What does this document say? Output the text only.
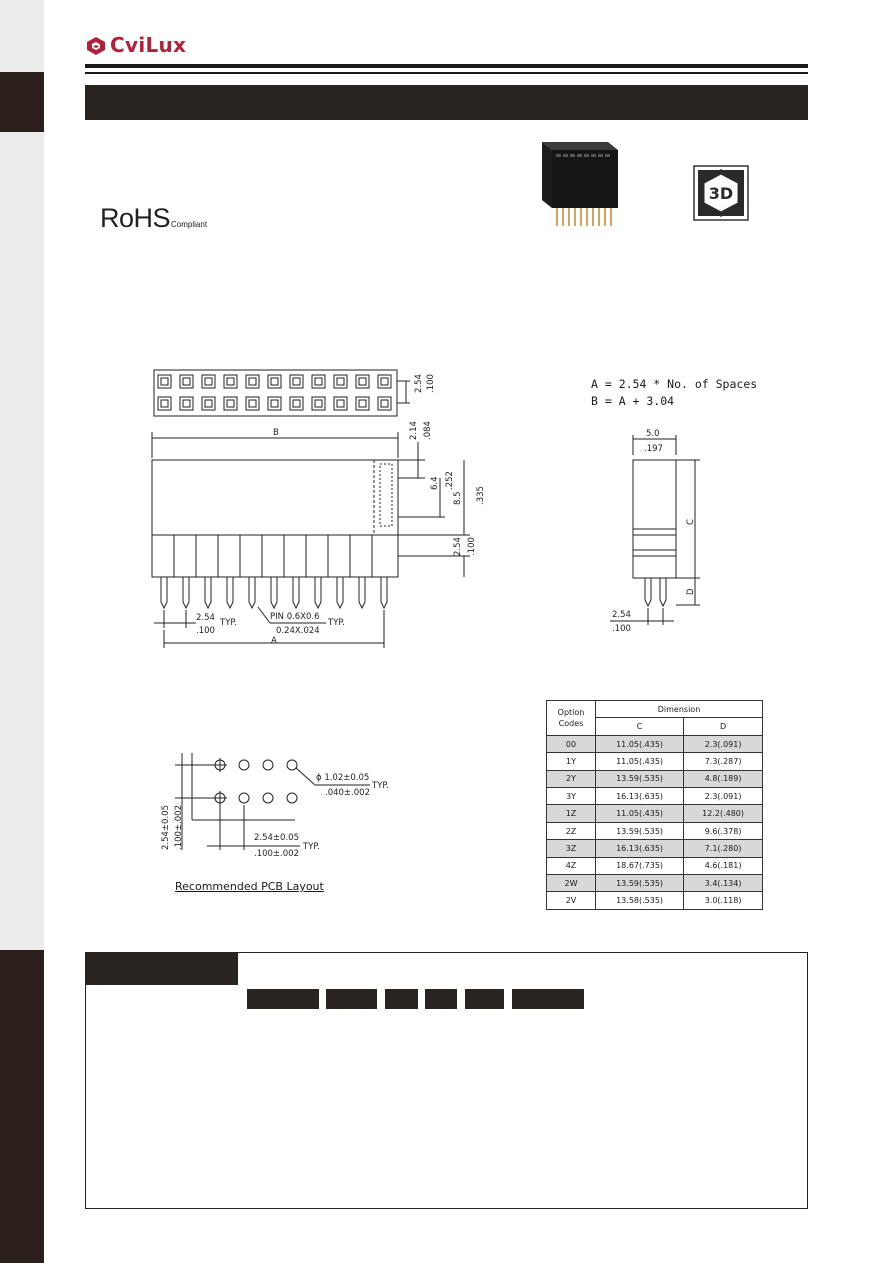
CviLux
RoHSCompliant
3D
A = 2.54 * No. of Spaces
B = A + 3.04
2.54 .100
B	2.14 .084
6.4 .252
8.5 .335
2.54 .100
2.54
.100
TYP.
PIN 0.6X0.6
0.24X.024
TYP.
A
5.0
.197
C
D
2.54
.100
ϕ 1.02±0.05
.040±.002
TYP.
2.54±0.05 .100±.002	2.54±0.05
.100±.002
TYP.
Recommended PCB Layout
Option
Codes	Dimension	
	C	D
00	11.05(.435)	2.3(.091)
1Y	11.05(.435)	7.3(.287)
2Y	13.59(.535)	4.8(.189)
3Y	16.13(.635)	2.3(.091)
1Z	11.05(.435)	12.2(.480)
2Z	13.59(.535)	9.6(.378)
3Z	16.13(.635)	7.1(.280)
4Z	18.67(.735)	4.6(.181)
2W	13.59(.535)	3.4(.134)
2V	13.58(.535)	3.0(.118)
